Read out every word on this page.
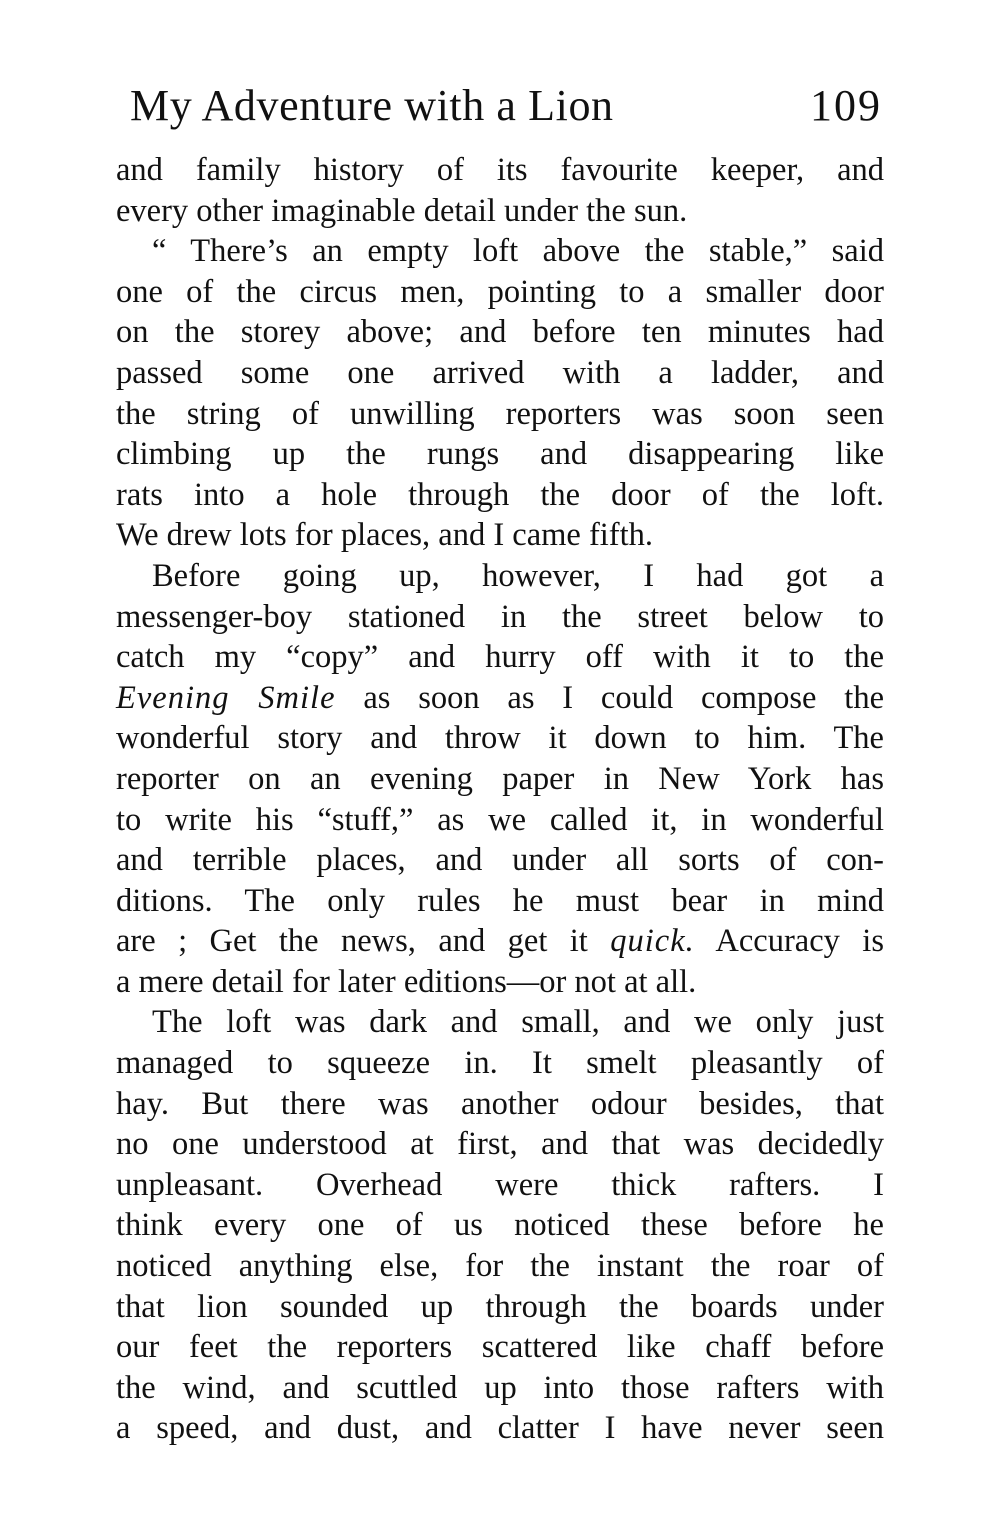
My Adventure with a Lion	109
and family history of its favourite keeper, and
every other imaginable detail under the sun.
“ There’s an empty loft above the stable,” said
one of the circus men, pointing to a smaller door
on the storey above; and before ten minutes had
passed some one arrived with a ladder, and
the string of unwilling reporters was soon seen
climbing up the rungs and disappearing like
rats into a hole through the door of the loft.
We drew lots for places, and I came fifth.
Before going up, however, I had got a
messenger-boy stationed in the street below to
catch my “copy” and hurry off with it to the
Evening Smile as soon as I could compose the
wonderful story and throw it down to him. The
reporter on an evening paper in New York has
to write his “stuff,” as we called it, in wonderful
and terrible places, and under all sorts of con-
ditions. The only rules he must bear in mind
are ; Get the news, and get it quick. Accuracy is
a mere detail for later editions—or not at all.
The loft was dark and small, and we only just
managed to squeeze in. It smelt pleasantly of
hay. But there was another odour besides, that
no one understood at first, and that was decidedly
unpleasant. Overhead were thick rafters. I
think every one of us noticed these before he
noticed anything else, for the instant the roar of
that lion sounded up through the boards under
our feet the reporters scattered like chaff before
the wind, and scuttled up into those rafters with
a speed, and dust, and clatter I have never seen
